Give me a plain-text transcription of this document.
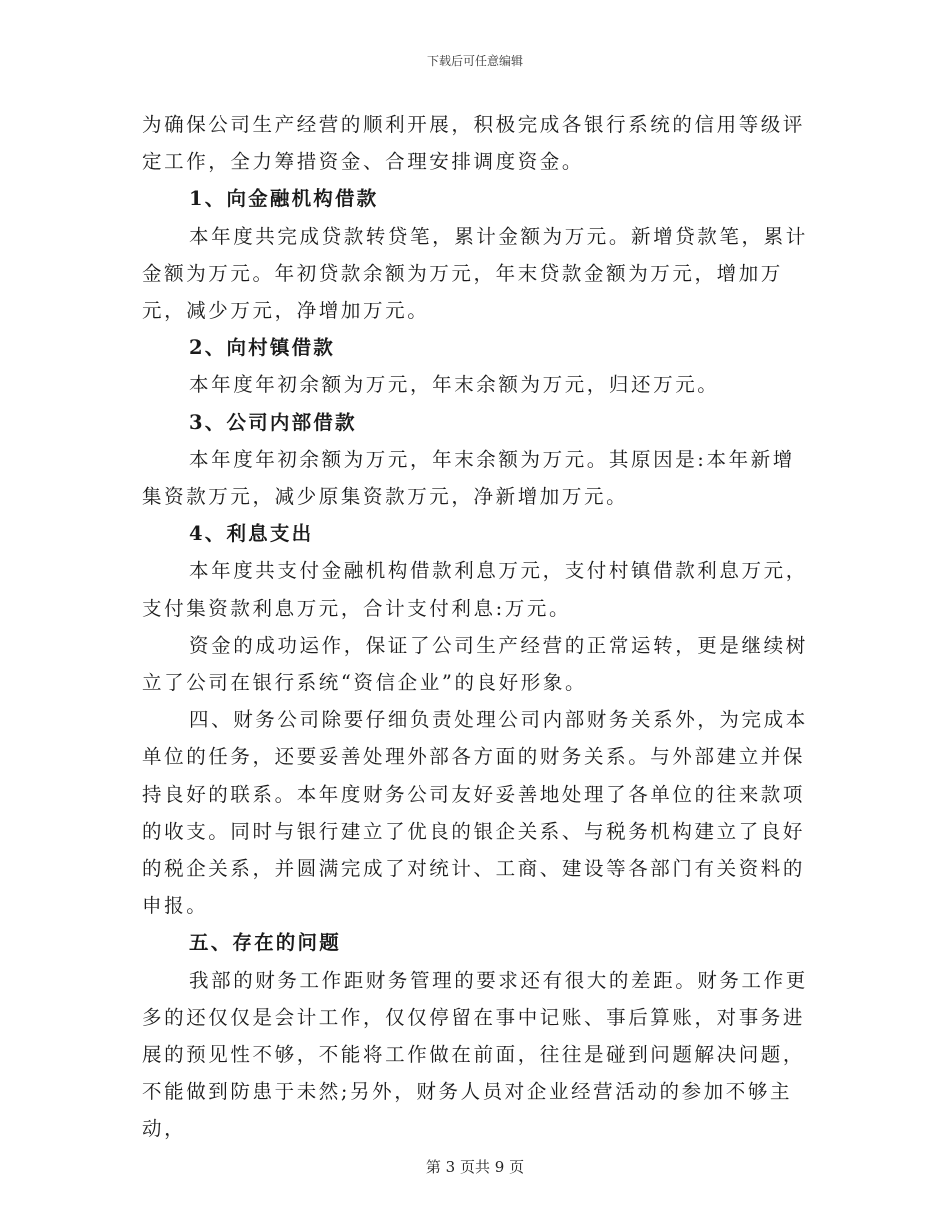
下载后可任意编辑

为确保公司生产经营的顺利开展，积极完成各银行系统的信用等级评定工作，全力筹措资金、合理安排调度资金。

1、向金融机构借款

本年度共完成贷款转贷笔，累计金额为万元。新增贷款笔，累计金额为万元。年初贷款余额为万元，年末贷款金额为万元，增加万元，减少万元，净增加万元。

2、向村镇借款

本年度年初余额为万元，年末余额为万元，归还万元。

3、公司内部借款

本年度年初余额为万元，年末余额为万元。其原因是:本年新增集资款万元，减少原集资款万元，净新增加万元。

4、利息支出

本年度共支付金融机构借款利息万元，支付村镇借款利息万元，支付集资款利息万元，合计支付利息:万元。

资金的成功运作，保证了公司生产经营的正常运转，更是继续树立了公司在银行系统“资信企业”的良好形象。

四、财务公司除要仔细负责处理公司内部财务关系外，为完成本单位的任务，还要妥善处理外部各方面的财务关系。与外部建立并保持良好的联系。本年度财务公司友好妥善地处理了各单位的往来款项的收支。同时与银行建立了优良的银企关系、与税务机构建立了良好的税企关系，并圆满完成了对统计、工商、建设等各部门有关资料的申报。

五、存在的问题

我部的财务工作距财务管理的要求还有很大的差距。财务工作更多的还仅仅是会计工作，仅仅停留在事中记账、事后算账，对事务进展的预见性不够，不能将工作做在前面，往往是碰到问题解决问题，不能做到防患于未然;另外，财务人员对企业经营活动的参加不够主动，

第 3 页共 9 页
